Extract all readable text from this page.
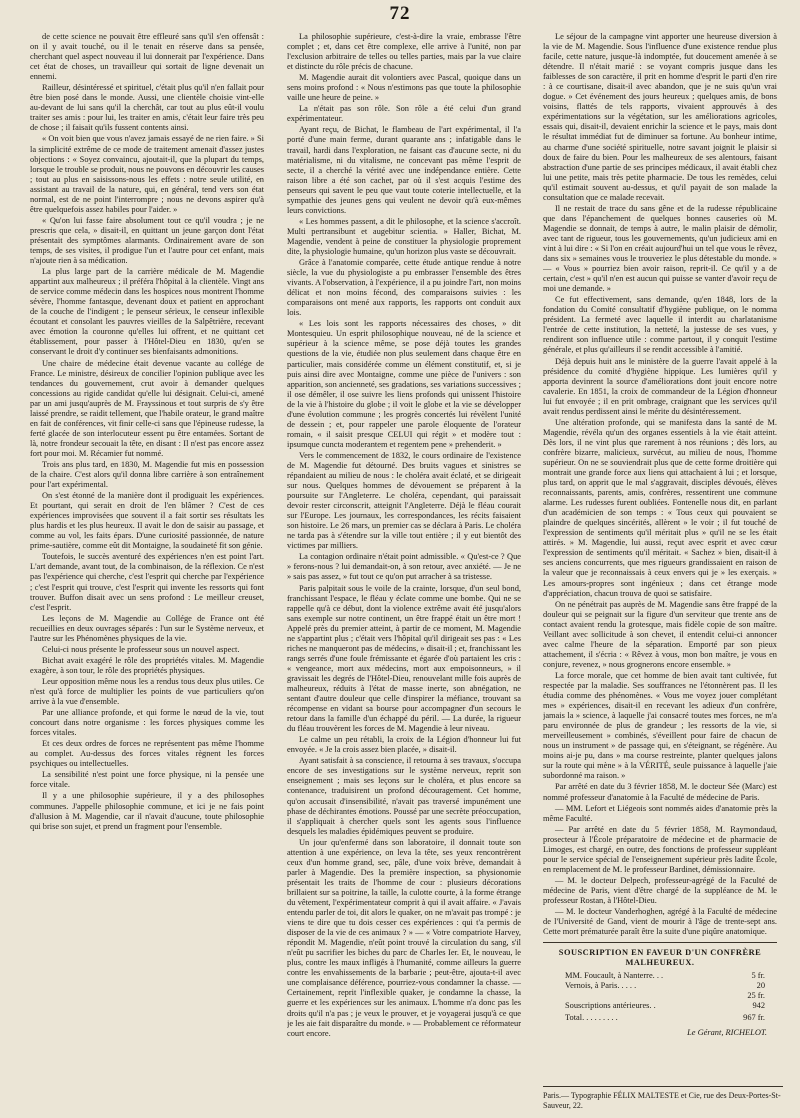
72

de cette science ne pouvait être effleuré sans qu'il s'en offensât : on il y avait touché, ou il le tenait en réserve dans sa pensée, cherchant quel aspect nouveau il lui donnerait par l'expérience. Dans cet état de choses, un travailleur qui sortait de ligne devenait un ennemi.

Railleur, désintéressé et spirituel, c'était plus qu'il n'en fallait pour être bien posé dans le monde. Aussi, une clientèle choisie vint-elle au-devant de lui sans qu'il la cherchât, car tout au plus eût-il voulu traiter ses amis : pour lui, les traiter en amis, c'était leur faire très peu de chose ; il faisait qu'ils fussent contents ainsi.

« On voit bien que vous n'avez jamais essayé de ne rien faire. » Si la simplicité extrême de ce mode de traitement amenait d'assez justes objections : « Soyez convaincu, ajoutait-il, que la plupart du temps, lorsque le trouble se produit, nous ne pouvons en découvrir les causes ; tout au plus en saisissons-nous les effets : notre seule utilité, en assistant au travail de la nature, qui, en général, tend vers son état normal, est de ne point l'interrompre ; nous ne devons aspirer qu'à être quelquefois assez habiles pour l'aider. »

« Qu'on lui fasse faire absolument tout ce qu'il voudra ; je ne prescris que cela, » disait-il, en quittant un jeune garçon dont l'état présentait des symptômes alarmants. Ordinairement avare de son temps, de ses visites, il prodigue l'un et l'autre pour cet enfant, mais n'ajoute rien à sa médication.

La plus large part de la carrière médicale de M. Magendie appartint aux malheureux ; il préféra l'hôpital à la clientèle. Vingt ans de service comme médecin dans les hospices nous montrent l'homme sévère, l'homme fantasque, devenant doux et patient en approchant de la couche de l'indigent ; le penseur sérieux, le censeur inflexible écoutant et consolant les pauvres vieilles de la Salpêtrière, recevant avec émotion la couronne qu'elles lui offrent, et ne quittant cet établissement, pour passer à l'Hôtel-Dieu en 1830, qu'en se conservant le droit d'y continuer ses bienfaisants admonitions.

Une chaire de médecine était devenue vacante au collége de France. Le ministre, désireux de concilier l'opinion publique avec les tendances du gouvernement, crut avoir à demander quelques concessions au rigide candidat qu'elle lui désignait. Celui-ci, amené par un ami jusqu'auprès de M. Frayssinous et tout surpris de s'y être laissé prendre, se raidit tellement, que l'habile orateur, le grand maître en fait de conférences, vit finir celle-ci sans que l'épineuse rudesse, la ferté glacée de son interlocuteur essent pu être entamées. Sortant de là, notre frondeur secouait la tête, en disant : Il n'est pas encore assez fort pour moi. M. Récamier fut nommé.

Trois ans plus tard, en 1830, M. Magendie fut mis en possession de la chaire. C'est alors qu'il donna libre carrière à son entraînement pour l'art expérimental.

On s'est étonné de la manière dont il prodiguait les expériences. Et pourtant, qui serait en droit de l'en blâmer ? C'est de ces expériences improvisées que souvent il a fait sortir ses résultats les plus hardis et les plus heureux. Il avait le don de saisir au passage, et comme au vol, les faits épars. D'une curiosité passionnée, de nature prime-sautière, comme eût dit Montaigne, la soudaineté fit son génie.

Toutefois, le succès aventuré des expériences n'en est point l'art. L'art demande, avant tout, de la combinaison, de la réflexion. Ce n'est pas l'expérience qui cherche, c'est l'esprit qui cherche par l'expérience ; c'est l'esprit qui trouve, c'est l'esprit qui invente les ressorts qui font trouver. Buffon disait avec un sens profond : Le meilleur creuset, c'est l'esprit.

Les leçons de M. Magendie au Collége de France ont été recueillies en deux ouvrages séparés : l'un sur le Système nerveux, et l'autre sur les Phénomènes physiques de la vie.

Celui-ci nous présente le professeur sous un nouvel aspect.

Bichat avait exagéré le rôle des propriétés vitales. M. Magendie exagère, à son tour, le rôle des propriétés physiques.

Leur opposition même nous les a rendus tous deux plus utiles. Ce n'est qu'à force de multiplier les points de vue particuliers qu'on arrive à la vue d'ensemble.

Par une alliance profonde, et qui forme le nœud de la vie, tout concourt dans notre organisme : les forces physiques comme les forces vitales.

Et ces deux ordres de forces ne représentent pas même l'homme au complet. Au-dessus des forces vitales règnent les forces psychiques ou intellectuelles.

La sensibilité n'est point une force physique, ni la pensée une force vitale.

Il y a une philosophie supérieure, il y a des philosophes communes. J'appelle philosophie commune, et ici je ne fais point d'allusion à M. Magendie, car il n'avait d'aucune, toute philosophie qui brise son sujet, et prend un fragment pour l'ensemble.

La philosophie supérieure, c'est-à-dire la vraie, embrasse l'être complet ; et, dans cet être complexe, elle arrive à l'unité, non par l'exclusion arbitraire de telles ou telles parties, mais par la vue claire et distincte du rôle précis de chacune.

M. Magendie aurait dit volontiers avec Pascal, quoique dans un sens moins profond : « Nous n'estimons pas que toute la philosophie vaille une heure de peine. »

La n'était pas son rôle. Son rôle a été celui d'un grand expérimentateur.

Ayant reçu, de Bichat, le flambeau de l'art expérimental, il l'a porté d'une main ferme, durant quarante ans ; infatigable dans le travail, hardi dans l'exploration, ne faisant cas d'aucune secte, ni du matérialisme, ni du vitalisme, ne concevant pas même l'esprit de secte, il a cherché la vérité avec une indépendance entière. Cette raison libre a été son cachet, par où il s'est acquis l'estime des penseurs qui savent le peu que vaut toute coterie intellectuelle, et la sympathie des jeunes gens qui veulent ne devoir qu'à eux-mêmes leurs convictions.

« Les hommes passent, a dit le philosophe, et la science s'accroît. Multi pertransibunt et augebitur scientia. » Haller, Bichat, M. Magendie, vendent à peine de constituer la physiologie proprement dite, la physiologie humaine, qu'un horizon plus vaste se découvrait.

Grâce à l'anatomie comparée, cette étude antique rendue à notre siècle, la vue du physiologiste a pu embrasser l'ensemble des êtres vivants. A l'observation, à l'expérience, il a pu joindre l'art, non moins délicat et non moins fécond, des comparaisons suivies : les comparaisons ont mené aux rapports, les rapports ont conduit aux lois.

« Les lois sont les rapports nécessaires des choses, » dit Montesquieu. Un esprit philosophique nouveau, né de la science et supérieur à la science même, se pose déjà toutes les grandes questions de la vie, étudiée non plus seulement dans chaque être en particulier, mais considérée comme un élément constitutif, et, si je puis ainsi dire avec Montaigne, comme une pièce de l'univers : son apparition, son ancienneté, ses gradations, ses variations successives ; il ose démêler, il ose suivre les liens profonds qui unissent l'histoire de la vie à l'histoire du globe ; il voit le globe et la vie se développer d'une évolution commune ; les progrès concertés lui révèlent l'unité de dessein ; et, pour rappeler une parole éloquente de l'orateur romain, « il saisit presque CELUI qui régit » et modère tout : ipsumque cuncta moderantem et regentem pene » prehenderit. »

Vers le commencement de 1832, le cours ordinaire de l'existence de M. Magendie fut détourné. Des bruits vagues et sinistres se répandaient au milieu de nous : le choléra avait éclaté, et se dirigeait sur nous. Quelques hommes de dévouement se préparent à la poursuite sur l'Angleterre. Le choléra, cependant, qui paraissait devoir rester circonscrit, atteignit l'Angleterre. Déjà le fléau courait sur l'Europe. Les journaux, les correspondances, les récits faisaient son histoire. Le 26 mars, un premier cas se déclara à Paris. Le choléra ne tarda pas à s'étendre sur la ville tout entière ; il y eut bientôt des victimes par milliers.

La contagion ordinaire n'était point admissible. « Qu'est-ce ? Que » ferons-nous ? lui demandait-on, à son retour, avec anxiété. — Je ne » sais pas assez, » fut tout ce qu'on put arracher à sa tristesse.

Paris palpitait sous le voile de la crainte, lorsque, d'un seul bond, franchissant l'espace, le fléau y éclate comme une bombe. Qui ne se rappelle qu'à ce début, dont la violence extrême avait été jusqu'alors sans exemple sur notre continent, un être frappé était un être mort ! Appelé près du premier atteint, à partir de ce moment, M. Magendie ne s'appartint plus ; c'était vers l'hôpital qu'il dirigeait ses pas : « Les riches ne manqueront pas de médecins, » disait-il ; et, franchissant les rangs serrés d'une foule frémissante et égarée d'où partaient les cris : « vengeance, mort aux médecins, mort aux empoisonneurs, » il gravissait les degrés de l'Hôtel-Dieu, renouvelant mille fois auprès de malheureux, réduits à l'état de masse inerte, son abnégation, ne sentant d'autre douleur que celle d'inspirer la méfiance, trouvant sa récompense en vidant sa bourse pour accompagner d'un secours le retour dans la famille d'un échappé du péril. — La durée, la rigueur du fléau trouvèrent les forces de M. Magendie à leur niveau.

Le calme un peu rétabli, la croix de la Légion d'honneur lui fut envoyée. « Je la crois assez bien placée, » disait-il.

Ayant satisfait à sa conscience, il retourna à ses travaux, s'occupa encore de ses investigations sur le système nerveux, reprit son enseignement ; mais ses leçons sur le choléra, et plus encore sa contenance, traduisirent un profond découragement. Cet homme, qu'on accusait d'insensibilité, n'avait pas traversé impunément une phase de déchirantes émotions. Poussé par une secrète préoccupation, il s'appliquait à chercher quels sont les agents sous l'influence desquels les maladies épidémiques peuvent se produire.

Un jour qu'enfermé dans son laboratoire, il donnait toute son attention à une expérience, on leva la tête, ses yeux rencontrèrent ceux d'un homme grand, sec, pâle, d'une voix brève, demandait à parler à Magendie. Des la première inspection, sa physionomie présentait les traits de l'homme de cour : plusieurs décorations brillaient sur sa poitrine, la taille, la culotte courte, à la forme étrange du vêtement, l'expérimentateur comprit à qui il avait affaire. « J'avais entendu parler de toi, dit alors le quaker, on ne m'avait pas trompé : je viens te dire que tu dois cesser ces expériences : qui t'a permis de disposer de la vie de ces animaux ? » — « Votre compatriote Harvey, répondit M. Magendie, n'eût point trouvé la circulation du sang, s'il n'eût pu sacrifier les biches du parc de Charles Ier. Et, le nouveau, le plus, contre les maux infligés à l'humanité, comme ailleurs la guerre contre les envahissements de la barbarie ; peut-être, ajouta-t-il avec une complaisance déférence, pourriez-vous condamner la chasse. — Certainement, reprit l'inflexible quaker, je condamne la chasse, la guerre et les expériences sur les animaux. L'homme n'a donc pas les droits qu'il n'a pas ; je veux le prouver, et je voyagerai jusqu'à ce que je les aie fait disparaître du monde. » — Probablement ce réformateur court encore.

Le séjour de la campagne vint apporter une heureuse diversion à la vie de M. Magendie. Sous l'influence d'une existence rendue plus facile, cette nature, jusque-là indomptée, fut doucement amenée à se détendre. Il n'était marié : se voyant compris jusque dans les faiblesses de son caractère, il prit en homme d'esprit le parti d'en rire : à ce courtisane, disait-il avec abandon, que je ne suis qu'un vrai dogue. » Cet événement des jours heureux ; quelques amis, de bons voisins, flattés de tels rapports, vivaient approuvés à des expérimentations sur la végétation, sur les améliorations agricoles, essais qui, disait-il, devaient enrichir la science et le pays, mais dont le résultat immédiat fut de diminuer sa fortune. Au bonheur intime, au charme d'une société spirituelle, notre savant joignit le plaisir si doux de faire du bien. Pour les malheureux de ses alentours, faisant abstraction d'une partie de ses principes médicaux, il avait établi chez lui une petite, mais très petite pharmacie. De tous les remèdes, celui qu'il estimait souvent au-dessus, et qu'il payait de son malade la consultation que ce malade recevait.

Il ne restait de trace du sans gêne et de la rudesse républicaine que dans l'épanchement de quelques bonnes causeries où M. Magendie se donnait, de temps à autre, le malin plaisir de démolir, avec tant de rigueur, tous les gouvernements, qu'un judicieux ami en vint à lui dire : « Si l'on en créait aujourd'hui un tel que vous le rêvez, dans six » semaines vous le trouveriez le plus détestable du monde. » — « Vous » pourriez bien avoir raison, reprit-il. Ce qu'il y a de certain, c'est » qu'il n'en est aucun qui puisse se vanter d'avoir reçu de moi une demande. »

Ce fut effectivement, sans demande, qu'en 1848, lors de la fondation du Comité consultatif d'hygiène publique, on le nomma président. La fermeté avec laquelle il interdit au charlatanisme l'entrée de cette institution, la netteté, la justesse de ses vues, y rendirent son influence utile : comme partout, il y conquit l'estime générale, et plus qu'ailleurs il se rendit accessible à l'amitié.

Déjà depuis huit ans le ministère de la guerre l'avait appelé à la présidence du comité d'hygiène hippique. Les lumières qu'il y apporta devinrent la source d'améliorations dont jouit encore notre cavalerie. En 1851, la croix de commandeur de la Légion d'honneur lui fut envoyée ; il en prit ombrage, craignant que les services qu'il avait rendus perdissent ainsi le mérite du désintéressement.

Une altération profonde, qui se manifesta dans la santé de M. Magendie, révéla qu'un des organes essentiels à la vie était atteint. Dès lors, il ne vint plus que rarement à nos réunions ; dès lors, au confrère bizarre, malicieux, survécut, au milieu de nous, l'homme supérieur. On ne se souviendrait plus que de cette forme droitière qui montrait une grande force aux liens qui attachaient à lui ; et lorsque, plus tard, on apprit que le mal s'aggravait, disciples dévoués, élèves reconnaissants, parents, amis, confrères, ressentirent une commune alarme. Les rudesses furent oubliées. Fontenelle nous dit, en parlant d'un académicien de son temps : « Tous ceux qui pouvaient se plaindre de quelques sincérités, allèrent » le voir ; il fut touché de l'expression de sentiments qu'il méritait plus » qu'il ne se les était attirés. » M. Magendie, lui aussi, reçut avec esprit et avec cœur l'expression de sentiments qu'il méritait. « Sachez » bien, disait-il à ses anciens concurrents, que mes rigueurs grandissaient en raison de la valeur que je reconnaissais à ceux envers qui je » les exerçais. » Les amours-propres sont ingénieux ; dans cet étrange mode d'appréciation, chacun trouva de quoi se satisfaire.

On ne pénétrait pas auprès de M. Magendie sans être frappé de la douleur qui se peignait sur la figure d'un serviteur que trente ans de contact avaient rendu la grotesque, mais fidèle copie de son maître. Veillant avec sollicitude à son chevet, il entendit celui-ci annoncer avec calme l'heure de la séparation. Emporté par son pieux attachement, il s'écria : « Rêvez à vous, mon bon maître, je vous en conjure, revenez, » nous grognerons encore ensemble. »

La force morale, que cet homme de bien avait tant cultivée, fut respectée par la maladie. Ses souffrances ne l'étonnèrent pas. Il les étudia comme des phénomènes. « Vous me voyez jouer complétant mes » expériences, disait-il en recevant les adieux d'un confrère, jamais la » science, à laquelle j'ai consacré toutes mes forces, ne m'a paru environnée de plus de grandeur ; les ressorts de la vie, si merveilleusement » combinés, s'éveillent pour faire de chacun de nous un instrument » de passage qui, en s'éteignant, se régénère. Au moins ai-je pu, dans » ma course restreinte, planter quelques jalons sur la route qui mène » à la VÉRITÉ, seule puissance à laquelle j'aie subordonné ma raison. »

Par arrêté en date du 3 février 1858, M. le docteur Sée (Marc) est nommé professeur d'anatomie à la Faculté de médecine de Paris.

— MM. Lefort et Liégeois sont nommés aides d'anatomie près la même Faculté.

— Par arrêté en date du 5 février 1858, M. Raymondaud, prosecteur à l'École préparatoire de médecine et de pharmacie de Limoges, est chargé, en outre, des fonctions de professeur suppléant pour le service spécial de l'enseignement supérieur près ladite École, en remplacement de M. le professeur Bardinet, démissionnaire.

— M. le docteur Delpech, professeur-agrégé de la Faculté de médecine de Paris, vient d'être chargé de la suppléance de M. le professeur Rostan, à l'Hôtel-Dieu.

— M. le docteur Vanderhoghen, agrégé à la Faculté de médecine de l'Université de Gand, vient de mourir à l'âge de trente-sept ans. Cette mort prématurée paraît être la suite d'une piqûre anatomique.

SOUSCRIPTION EN FAVEUR D'UN CONFRÈRE MALHEUREUX.
MM. Foucault, à Nanterre. . .	5 fr.
Vernois, à Paris. . . . .	20
25 fr.
Souscriptions antérieures. .	942
Total. . . . . . . . .	967 fr.
Le Gérant, RICHELOT.
Paris.— Typographie FÉLIX MALTESTE et Cie, rue des Deux-Portes-St-Sauveur, 22.
